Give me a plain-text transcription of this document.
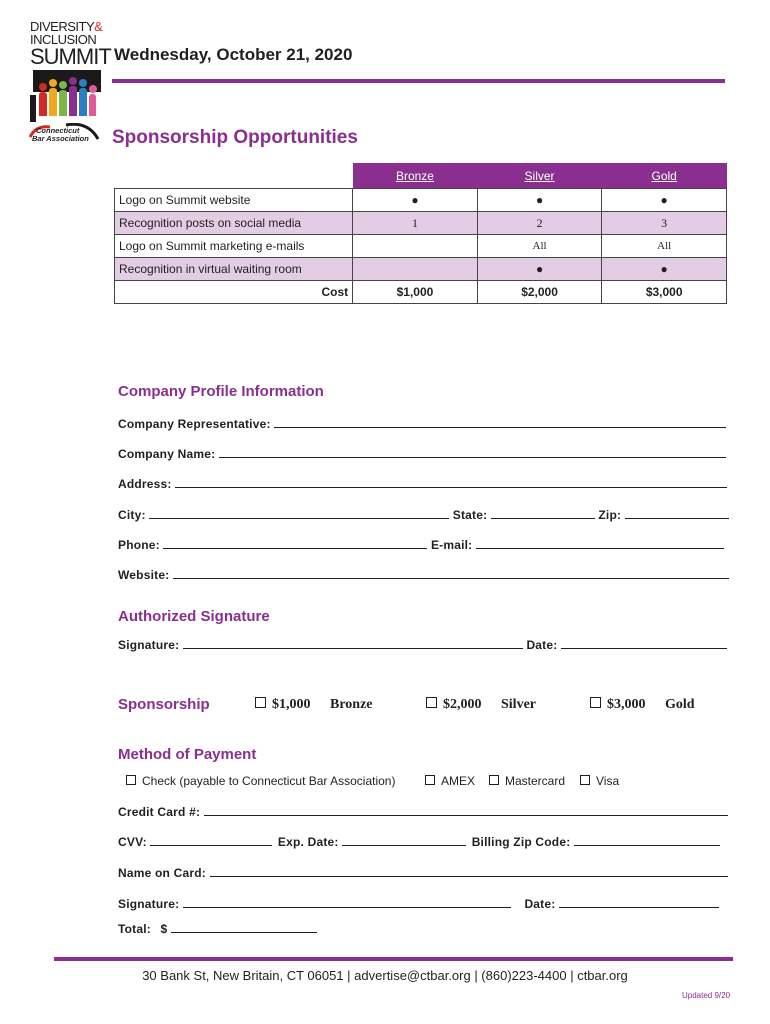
DIVERSITY&
INCLUSION
SUMMIT
Connecticut
Bar Association
Wednesday, October 21, 2020
Sponsorship Opportunities
	Bronze	Silver	Gold
Logo on Summit website	●	●	●
Recognition posts on social media	1	2	3
Logo on Summit marketing e-mails		All	All
Recognition in virtual waiting room		●	●
Cost	$1,000	$2,000	$3,000
Company Profile Information
Company Representative:
Company Name:
Address:
City:	State:	Zip:
Phone:	E-mail:
Website:
Authorized Signature
Signature:	Date:
Sponsorship	$1,000 Bronze	$2,000 Silver	$3,000 Gold
Method of Payment
Check (payable to Connecticut Bar Association)	AMEX	Mastercard	Visa
Credit Card #:
CVV:	Exp. Date:	Billing Zip Code:
Name on Card:
Signature:	Date:
Total: $
30 Bank St, New Britain, CT 06051 | advertise@ctbar.org | (860)223-4400 | ctbar.org
Updated 9/20
